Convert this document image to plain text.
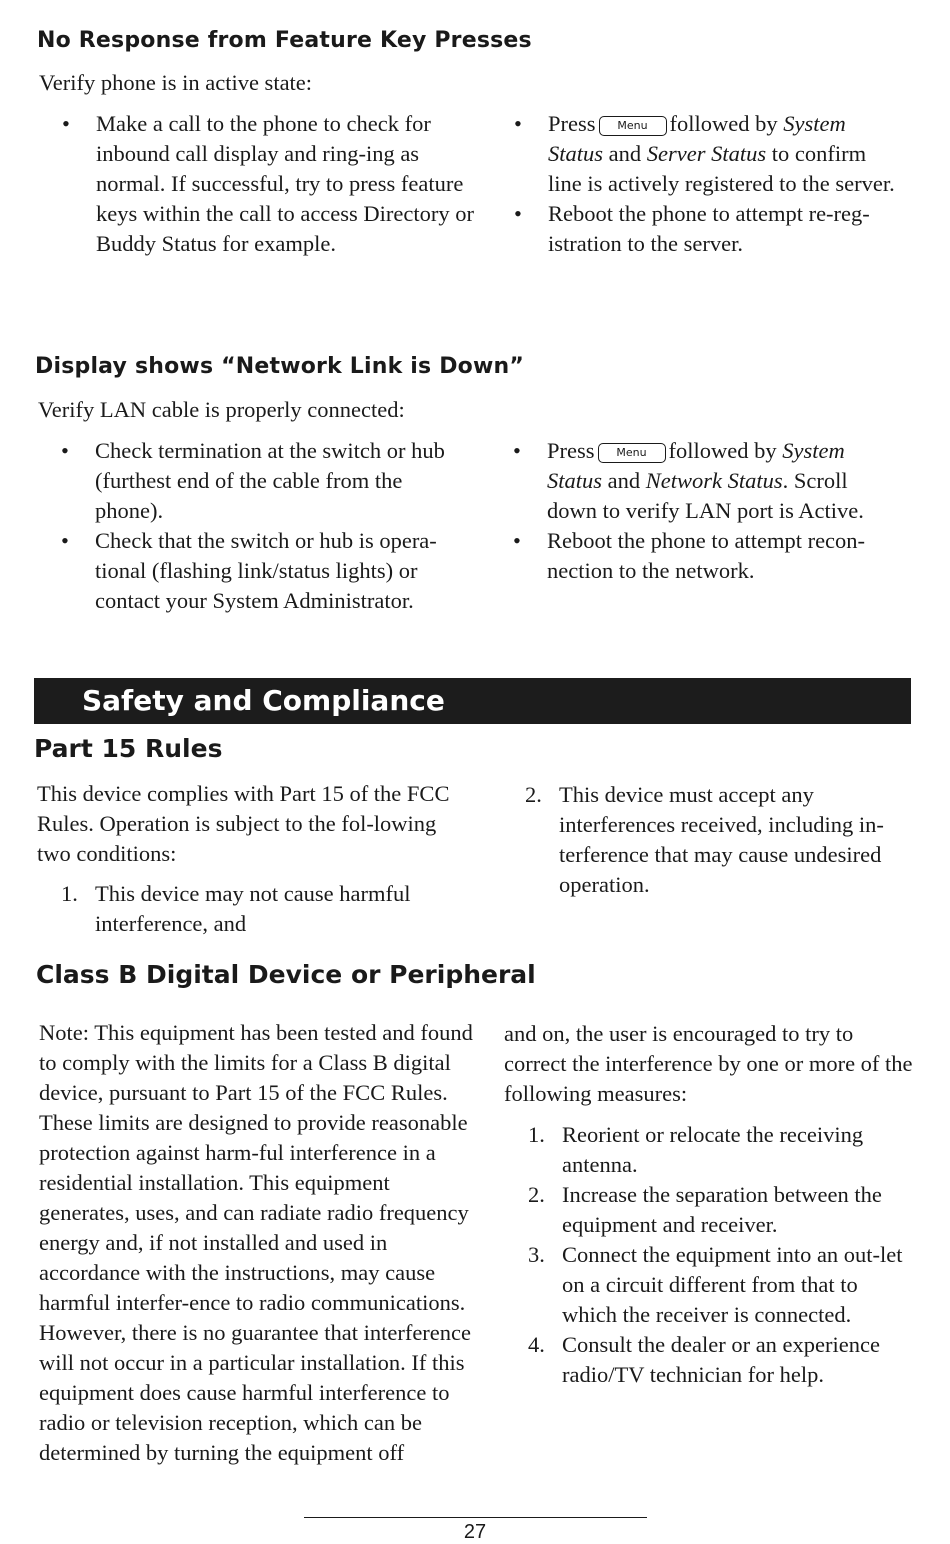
No Response from Feature Key Presses
Verify phone is in active state:
•	Make a call to the phone to check for inbound call display and ring-ing as normal. If successful, try to press feature keys within the call to access Directory or Buddy Status for example.
•	Press Menu followed by System Status and Server Status to confirm line is actively registered to the server.
•	Reboot the phone to attempt re-reg-istration to the server.
Display shows “Network Link is Down”
Verify LAN cable is properly connected:
•	Check termination at the switch or hub (furthest end of the cable from the phone).
•	Check that the switch or hub is opera-tional (flashing link/status lights) or contact your System Administrator.
•	Press Menu followed by System Status and Network Status. Scroll down to verify LAN port is Active.
•	Reboot the phone to attempt recon-nection to the network.
Safety and Compliance
Part 15 Rules
This device complies with Part 15 of the FCC Rules. Operation is subject to the fol-lowing two conditions:
1. This device may not cause harmful interference, and
2. This device must accept any interferences received, including in-terference that may cause undesired operation.
Class B Digital Device or Peripheral
Note: This equipment has been tested and found to comply with the limits for a Class B digital device, pursuant to Part 15 of the FCC Rules. These limits are designed to provide reasonable protection against harm-ful interference in a residential installation. This equipment generates, uses, and can radiate radio frequency energy and, if not installed and used in accordance with the instructions, may cause harmful interfer-ence to radio communications. However, there is no guarantee that interference will not occur in a particular installation. If this equipment does cause harmful interference to radio or television reception, which can be determined by turning the equipment off
and on, the user is encouraged to try to correct the interference by one or more of the following measures:
1. Reorient or relocate the receiving antenna.
2. Increase the separation between the equipment and receiver.
3. Connect the equipment into an out-let on a circuit different from that to which the receiver is connected.
4. Consult the dealer or an experience radio/TV technician for help.
27
